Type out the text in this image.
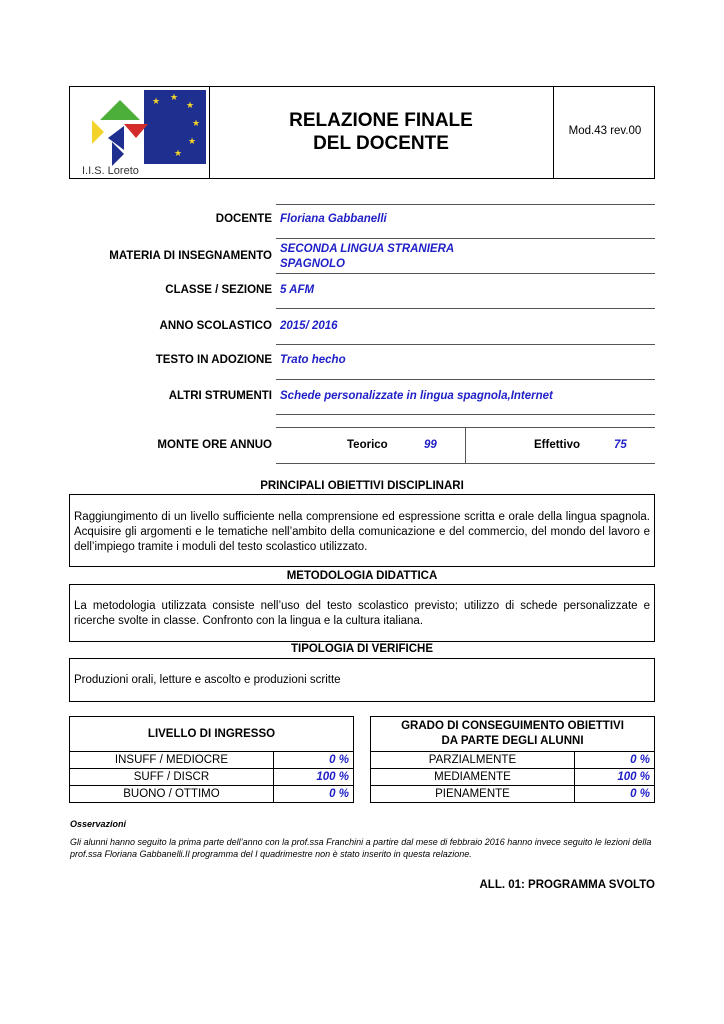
★ ★
★
★
★
★
I.I.S. Loreto
RELAZIONE FINALE
DEL DOCENTE
Mod.43 rev.00
DOCENTE Floriana Gabbanelli
MATERIA DI INSEGNAMENTO
SECONDA LINGUA STRANIERA
SPAGNOLO
CLASSE / SEZIONE 5 AFM
ANNO SCOLASTICO 2015/ 2016
TESTO IN ADOZIONE Trato hecho
ALTRI STRUMENTI Schede personalizzate in lingua spagnola,Internet
MONTE ORE ANNUO	Teorico	99	Effettivo	75
PRINCIPALI OBIETTIVI DISCIPLINARI
Raggiungimento di un livello sufficiente nella comprensione ed espressione scritta e orale della lingua spagnola. Acquisire gli argomenti e le tematiche nell’ambito della comunicazione e del commercio, del mondo del lavoro e dell’impiego tramite i moduli del testo scolastico utilizzato.
METODOLOGIA DIDATTICA
La metodologia utilizzata consiste nell’uso del testo scolastico previsto; utilizzo di schede personalizzate e ricerche svolte in classe. Confronto con la lingua e la cultura italiana.
TIPOLOGIA DI VERIFICHE
Produzioni orali, letture e ascolto e produzioni scritte
LIVELLO DI INGRESSO	
INSUFF / MEDIOCRE	0 %
SUFF / DISCR	100 %
BUONO / OTTIMO	0 %
GRADO DI CONSEGUIMENTO OBIETTIVI
DA PARTE DEGLI ALUNNI	

PARZIALMENTE	0 %
MEDIAMENTE	100 %
PIENAMENTE	0 %
Osservazioni
Gli alunni hanno seguito la prima parte dell’anno con la prof.ssa Franchini a partire dal mese di febbraio 2016 hanno invece seguito le lezioni della prof.ssa Floriana Gabbanelli.Il programma del I quadrimestre non è stato inserito in questa relazione.
ALL. 01: PROGRAMMA SVOLTO
